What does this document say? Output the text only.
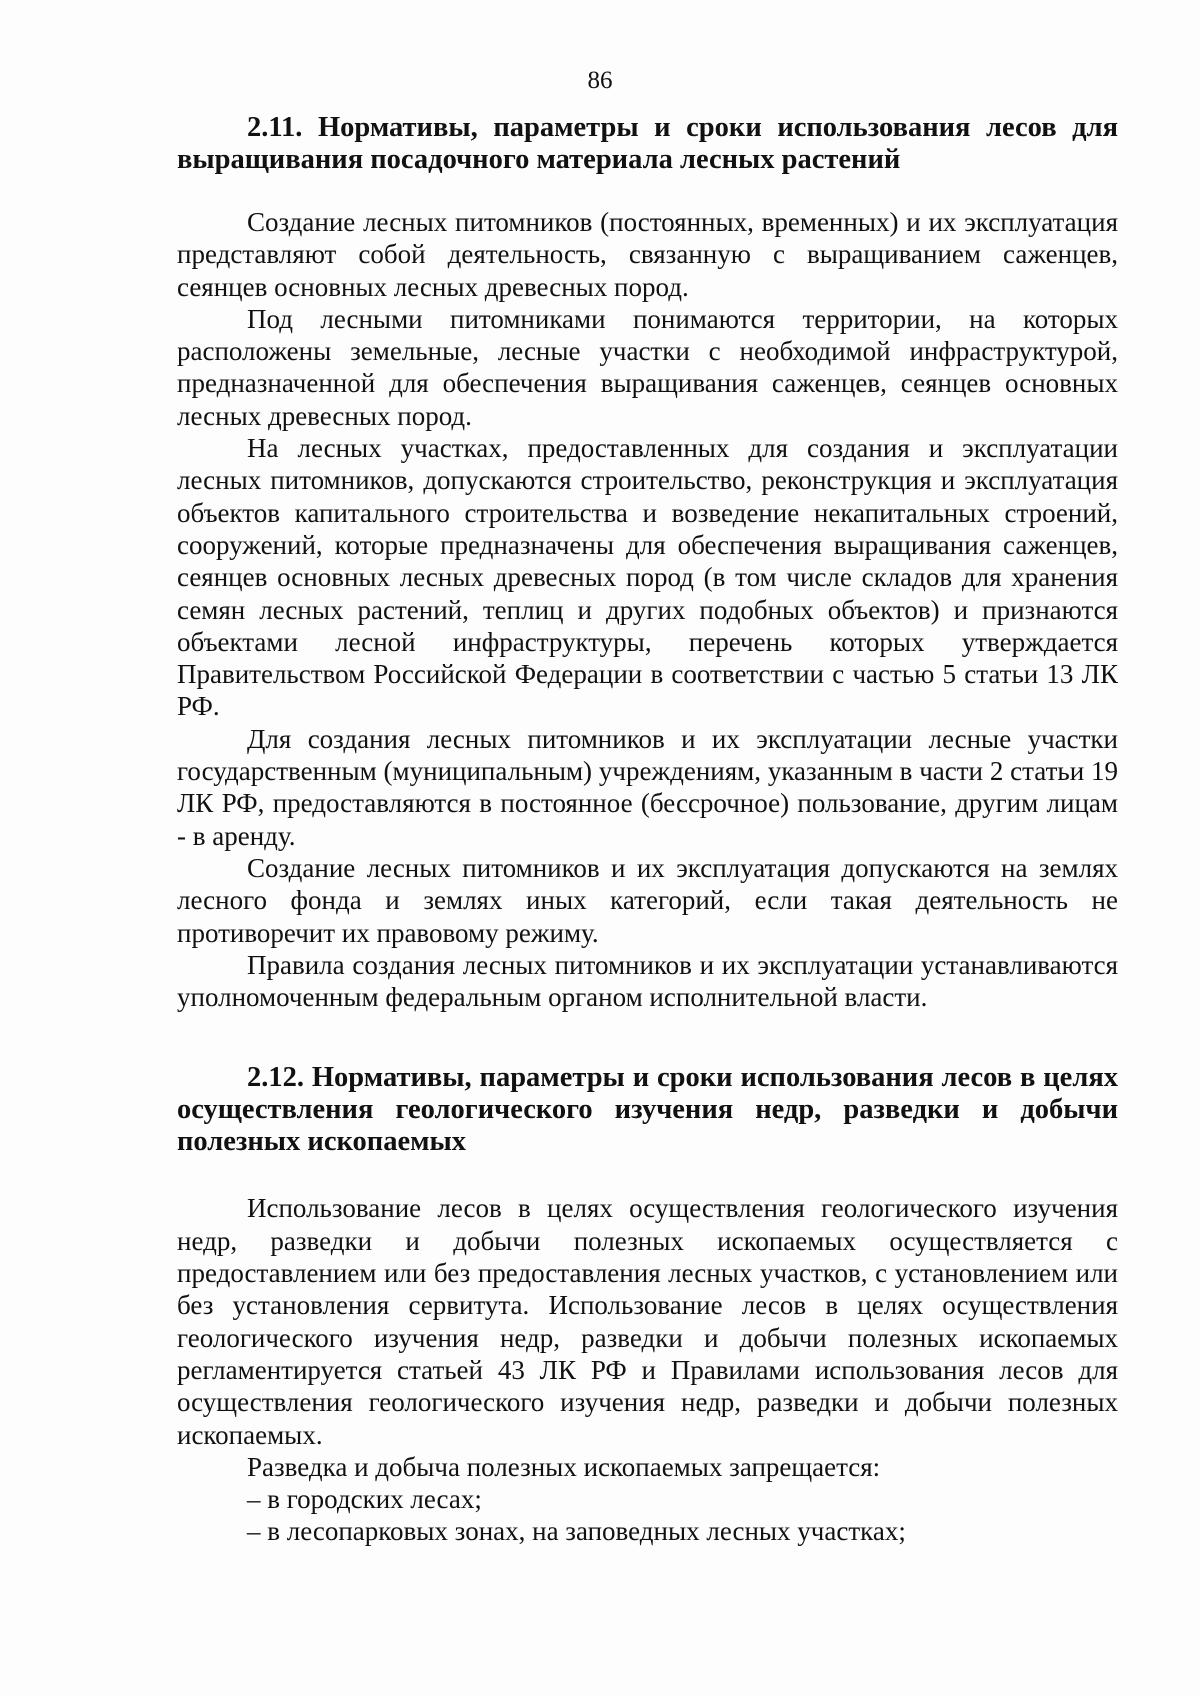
86

2.11. Нормативы, параметры и сроки использования лесов для выращивания посадочного материала лесных растений

Создание лесных питомников (постоянных, временных) и их эксплуатация представляют собой деятельность, связанную с выращиванием саженцев, сеянцев основных лесных древесных пород.

Под лесными питомниками понимаются территории, на которых расположены земельные, лесные участки с необходимой инфраструктурой, предназначенной для обеспечения выращивания саженцев, сеянцев основных лесных древесных пород.

На лесных участках, предоставленных для создания и эксплуатации лесных питомников, допускаются строительство, реконструкция и эксплуатация объектов капитального строительства и возведение некапитальных строений, сооружений, которые предназначены для обеспечения выращивания саженцев, сеянцев основных лесных древесных пород (в том числе складов для хранения семян лесных растений, теплиц и других подобных объектов) и признаются объектами лесной инфраструктуры, перечень которых утверждается Правительством Российской Федерации в соответствии с частью 5 статьи 13 ЛК РФ.

Для создания лесных питомников и их эксплуатации лесные участки государственным (муниципальным) учреждениям, указанным в части 2 статьи 19 ЛК РФ, предоставляются в постоянное (бессрочное) пользование, другим лицам - в аренду.

Создание лесных питомников и их эксплуатация допускаются на землях лесного фонда и землях иных категорий, если такая деятельность не противоречит их правовому режиму.

Правила создания лесных питомников и их эксплуатации устанавливаются уполномоченным федеральным органом исполнительной власти.

2.12. Нормативы, параметры и сроки использования лесов в целях осуществления геологического изучения недр, разведки и добычи полезных ископаемых

Использование лесов в целях осуществления геологического изучения недр, разведки и добычи полезных ископаемых осуществляется с предоставлением или без предоставления лесных участков, с установлением или без установления сервитута. Использование лесов в целях осуществления геологического изучения недр, разведки и добычи полезных ископаемых регламентируется статьей 43 ЛК РФ и Правилами использования лесов для осуществления геологического изучения недр, разведки и добычи полезных ископаемых.

Разведка и добыча полезных ископаемых запрещается:

– в городских лесах;

– в лесопарковых зонах, на заповедных лесных участках;
